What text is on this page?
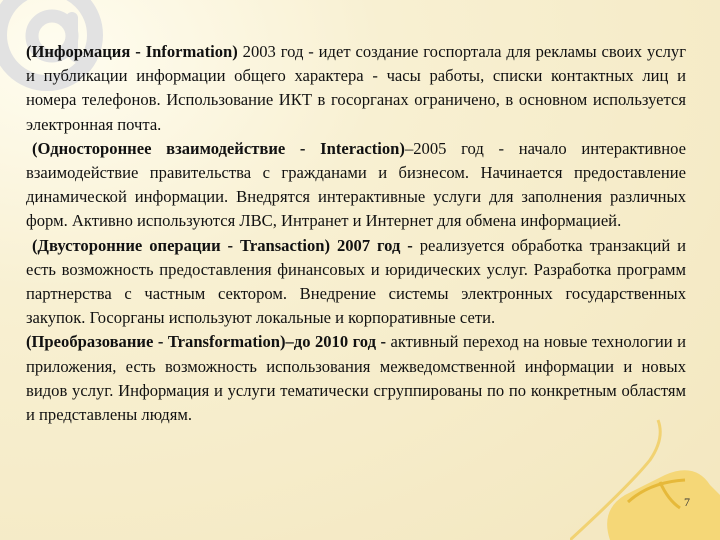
(Информация - Information) 2003 год - идет создание госпортала для рекламы своих услуг и публикации информации общего характера - часы работы, списки контактных лиц и номера телефонов. Использование ИКТ в госорганах ограничено, в основном используется электронная почта.

(Одностороннее взаимодействие - Interaction)–2005 год - начало интерактивное взаимодействие правительства с гражданами и бизнесом. Начинается предоставление динамической информации. Внедрятся интерактивные услуги для заполнения различных форм. Активно используются ЛВС, Интранет и Интернет для обмена информацией.

(Двусторонние операции - Transaction) 2007 год - реализуется обработка транзакций и есть возможность предоставления финансовых и юридических услуг. Разработка программ партнерства с частным сектором. Внедрение системы электронных государственных закупок. Госорганы используют локальные и корпоративные сети.

(Преобразование - Transformation)–до 2010 год - активный переход на новые технологии и приложения, есть возможность использования межведомственной информации и новых видов услуг. Информация и услуги тематически сгруппированы по по конкретным областям и представлены людям.

7
